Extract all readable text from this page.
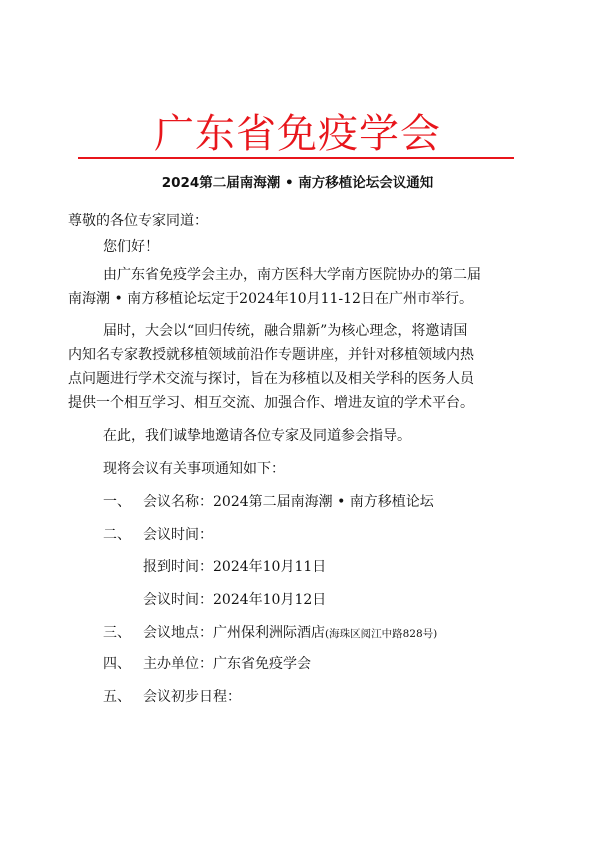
广东省免疫学会
2024第二届南海潮 • 南方移植论坛会议通知
尊敬的各位专家同道：
您们好！
由广东省免疫学会主办，南方医科大学南方医院协办的第二届
南海潮 • 南方移植论坛定于2024年10月11-12日在广州市举行。
届时，大会以“回归传统，融合鼎新”为核心理念，将邀请国
内知名专家教授就移植领域前沿作专题讲座，并针对移植领域内热
点问题进行学术交流与探讨，旨在为移植以及相关学科的医务人员
提供一个相互学习、相互交流、加强合作、增进友谊的学术平台。
在此，我们诚挚地邀请各位专家及同道参会指导。
现将会议有关事项通知如下：
一、 会议名称：2024第二届南海潮 • 南方移植论坛
二、 会议时间：
报到时间：2024年10月11日
会议时间：2024年10月12日
三、 会议地点：广州保利洲际酒店(海珠区阅江中路828号)
四、 主办单位：广东省免疫学会
五、 会议初步日程：
